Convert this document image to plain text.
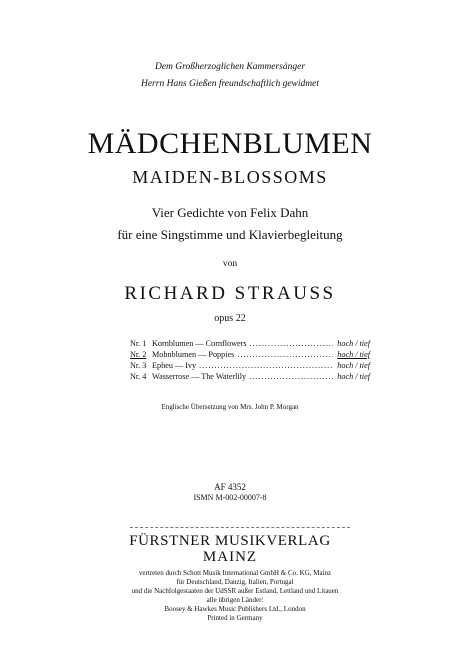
Dem Großherzoglichen Kammersänger
Herrn Hans Gießen freundschaftlich gewidmet
MÄDCHENBLUMEN
MAIDEN-BLOSSOMS
Vier Gedichte von Felix Dahn
für eine Singstimme und Klavierbegleitung
von
RICHARD STRAUSS
opus 22
Nr. 1 Kornblumen — Cornflowers .....	hoch / tief
Nr. 2 Mohnblumen — Poppies .....	hoch / tief
Nr. 3 Epheu — Ivy .....	hoch / tief
Nr. 4 Wasserrose — The Waterlily .....	hoch / tief
Englische Übersetzung von Mrs. John P. Morgan
AF 4352
ISMN M-002-00007-8
FÜRSTNER MUSIKVERLAG
MAINZ
vertreten durch Schott Musik International GmbH & Co. KG, Mainz
für Deutschland, Danzig, Italien, Portugal
und die Nachfolgestaaten der UdSSR außer Estland, Lettland und Litauen
alle übrigen Länder:
Boosey & Hawkes Music Publishers Ltd., London
Printed in Germany
